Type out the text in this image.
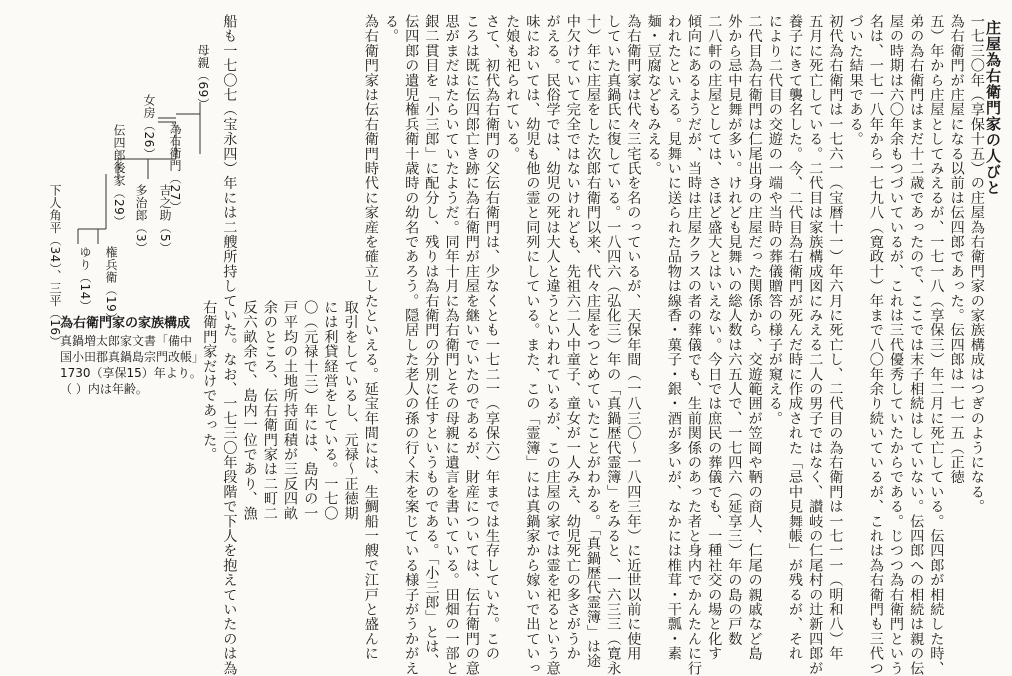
庄屋為右衛門家の人びと
一七三〇年（享保十五）の庄屋為右衛門家の家族構成はつぎのようになる。
為右衛門が庄屋になる以前は伝四郎であった。伝四郎は一七一五（正徳
五）年から庄屋としてみえるが、一七一八（享保三）年二月に死亡している。伝四郎が相続した時、
弟の為右衛門はまだ十二歳であったので、ここでは末子相続はしていない。伝四郎への相続は親の伝
屋の時期は六〇年余もつづいているが、これは三代優秀していたからである。じつつ為右衛門という
名は、一七一八年から一七九八（寛政十）年まで八〇年余り続いているが、これは為右衛門も三代つ
づいた結果である。
初代為右衛門は一七六一（宝暦十一）年六月に死亡し、二代目の為右衛門は一七一一（明和八）年
五月に死亡している。二代目は家族構成図にみえる二人の男子ではなく、讃岐の仁尾村の辻新四郎が
養子にきて襲名した。今、二代目為右衛門が死んだ時に作成された「忌中見舞帳」が残るが、それ
により二代目の交遊の一端や当時の葬儀贈答の様子が窺える。
二代目為右衛門は仁尾出身の庄屋だった関係から、交遊範囲が笠岡や鞆の商人、仁尾の親戚など島
外から忌中見舞が多い。けれども見舞いの総人数は六五人で、一七四六（延享三）年の島の戸数
二八軒の庄屋としては、さほど盛大とはいえない。今日では庶民の葬儀でも、一種社交の場と化す
傾向にあるようだが、当時は庄屋クラスの者の葬儀でも、生前関係のあった者と身内でかんたんに行
われたといえる。見舞いに送られた品物は線香・菓子・銀・酒が多いが、なかには椎茸・干瓢・素
麺・豆腐などもみえる。
為右衛門家は代々三宅氏を名のっているが、天保年間（一八三〇～一八四三年）に近世以前に使用
していた真鍋氏に復している。一八四六（弘化三）年の「真鍋歴代霊簿」をみると、一六三三（寛永
十）年に庄屋をした次郎右衛門以来、代々庄屋をつとめていたことがわかる。「真鍋歴代霊簿」は途
中欠けていて完全ではないけれども、先祖六二人中童子、童女が一人みえ、幼児死亡の多さがうか
がえる。民俗学では、幼児の死は大人と違うといわれているが、この庄屋の家では霊を祀るという意
味においては、幼児も他の霊と同列にしている。また、この「霊簿」には真鍋家から嫁いで出ていっ
た娘も祀られている。
さて、初代為右衛門の父伝右衛門は、少なくとも一七二一（享保六）年までは生存していた。この
ころは既に伝四郎亡き跡に為右衛門が庄屋を継いでいたのであるが、財産については、伝右衛門の意
思がまだはたらいていたようだ。同年十月に為右衛門とその母親に遺言を書いている。田畑の一部と
銀二貫目を「小三郎」に配分し、残りは為右衛門の分別に任すというものである。「小三郎」とは、
伝四郎の遺児権兵衛十歳時の幼名であろう。隠居した老人の孫の行く末を案じている様子がうかがえ
る。
為右衛門家は伝右衛門時代に家産を確立したといえる。延宝年間には、生鯛船一艘で江戸と盛んに
取引をしているし、元禄～正徳期
には利貸経営をしている。一七〇
〇（元禄十三）年には、島内の一
戸平均の土地所持面積が三反四畝
余のところ、伝右衛門家は二町二
反六畝余で、島内一位であり、漁
船も一七〇七（宝永四）年には二艘所持していた。なお、一七三〇年段階で下人を抱えていたのは為
右衛門家だけであった。
母親（69）
為右衛門（27）
女房（26）
吉之助（5）
多治郎（3）
伝四郎後家（29）
権兵衛（19）
ゆり（14）
下人角平（34）、三平（16）
為右衛門家の家族構成
真鍋増太郎家文書「備中
国小田郡真鍋島宗門改帳」
1730（享保15）年より。
（ ）内は年齢。
